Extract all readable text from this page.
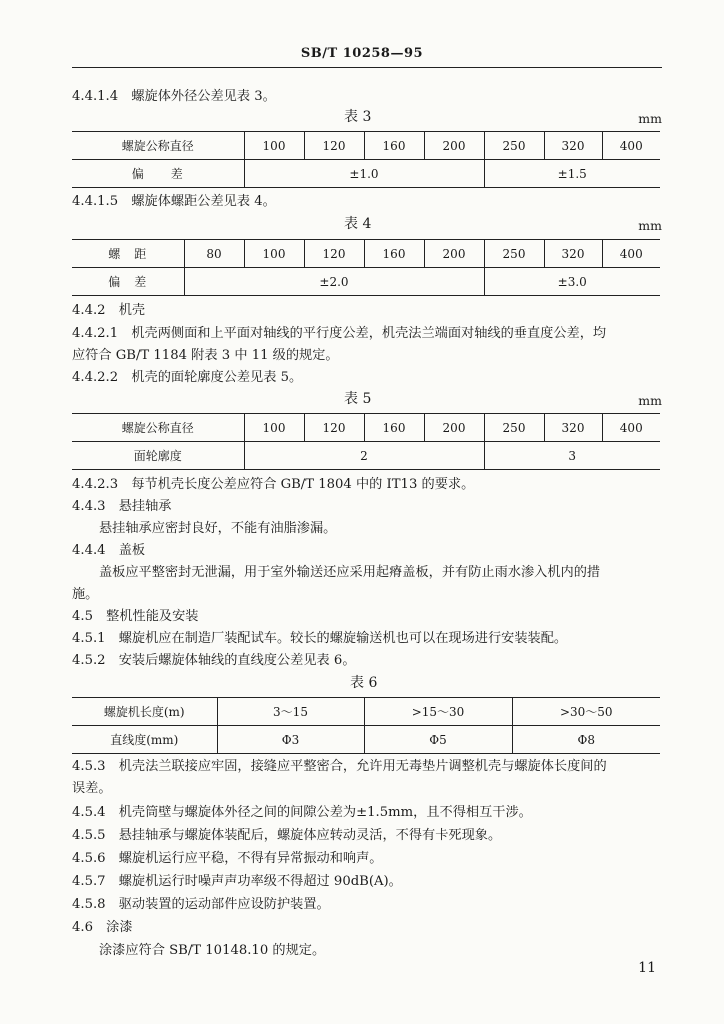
SB/T 10258—95
4.4.1.4　螺旋体外径公差见表 3。
表 3	mm
螺旋公称直径	100	120	160	200	250	320	400
偏　　差	±1.0				±1.5		
4.4.1.5　螺旋体螺距公差见表 4。
表 4	mm
螺　距	80	100	120	160	200	250	320	400
偏　差	±2.0					±3.0		
4.4.2　机壳
4.4.2.1　机壳两侧面和上平面对轴线的平行度公差，机壳法兰端面对轴线的垂直度公差，均
应符合 GB/T 1184 附表 3 中 11 级的规定。
4.4.2.2　机壳的面轮廓度公差见表 5。
表 5	mm
螺旋公称直径	100	120	160	200	250	320	400
面轮廓度	2				3		
4.4.2.3　每节机壳长度公差应符合 GB/T 1804 中的 IT13 的要求。
4.4.3　悬挂轴承
悬挂轴承应密封良好，不能有油脂渗漏。
4.4.4　盖板
盖板应平整密封无泄漏，用于室外输送还应采用起瘠盖板，并有防止雨水渗入机内的措
施。
4.5　整机性能及安装
4.5.1　螺旋机应在制造厂装配试车。较长的螺旋输送机也可以在现场进行安装装配。
4.5.2　安装后螺旋体轴线的直线度公差见表 6。
表 6
螺旋机长度(m)	3～15	>15～30	>30～50
直线度(mm)	Φ3	Φ5	Φ8
4.5.3　机壳法兰联接应牢固，接缝应平整密合，允许用无毒垫片调整机壳与螺旋体长度间的
误差。
4.5.4　机壳筒壁与螺旋体外径之间的间隙公差为±1.5mm，且不得相互干涉。
4.5.5　悬挂轴承与螺旋体装配后，螺旋体应转动灵活，不得有卡死现象。
4.5.6　螺旋机运行应平稳，不得有异常振动和响声。
4.5.7　螺旋机运行时噪声声功率级不得超过 90dB(A)。
4.5.8　驱动装置的运动部件应设防护装置。
4.6　涂漆
涂漆应符合 SB/T 10148.10 的规定。
11
